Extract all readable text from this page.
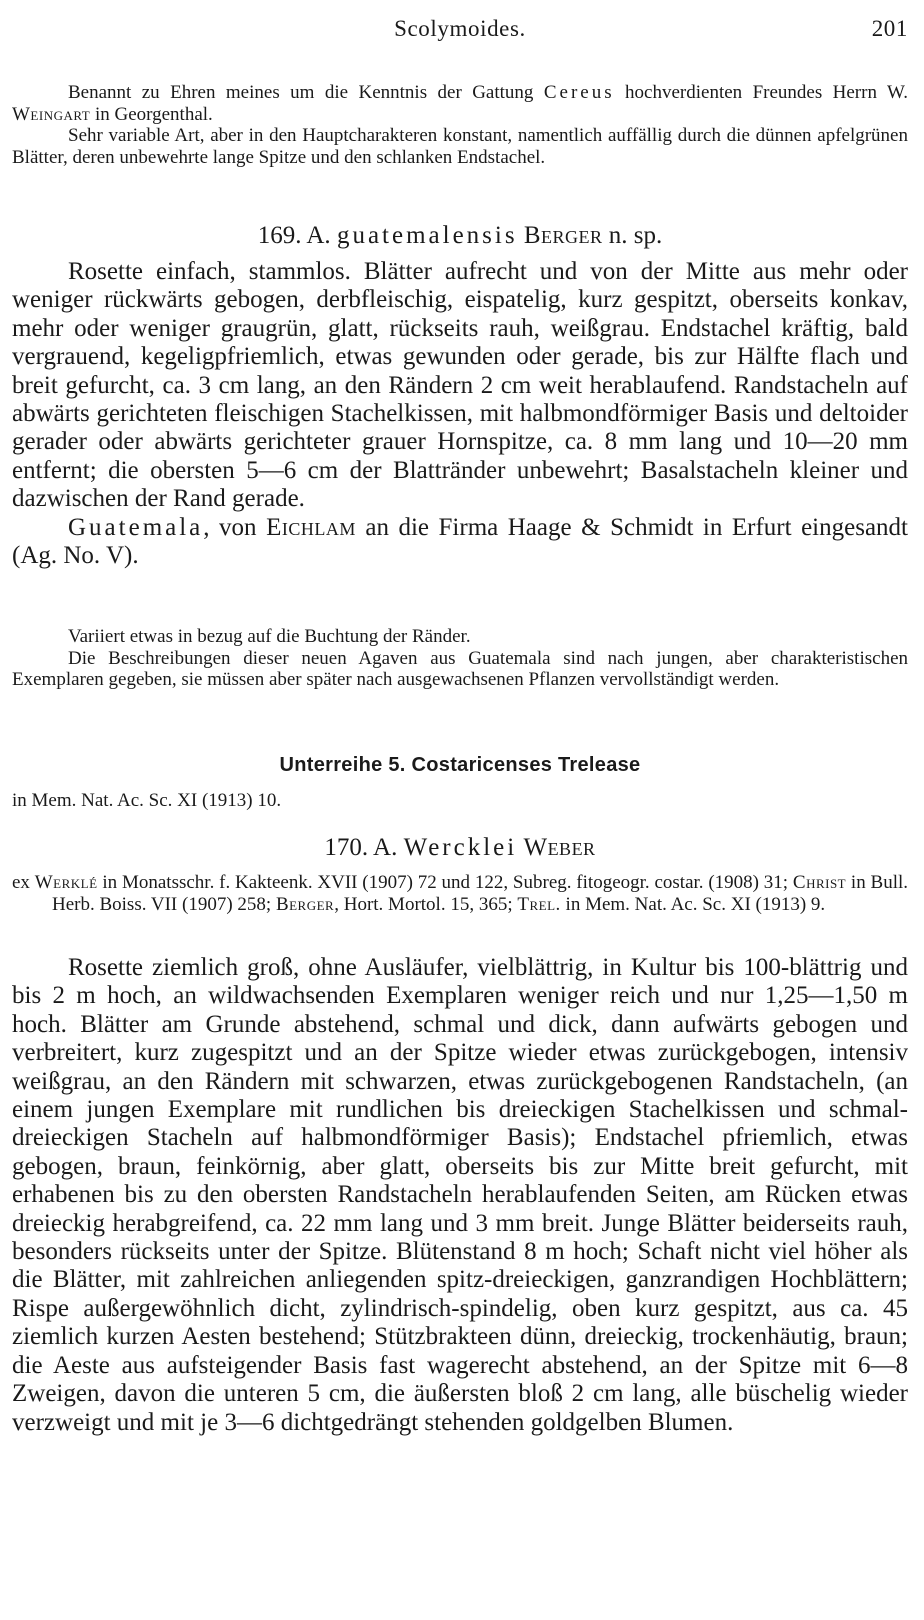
Scolymoides.	201

Benannt zu Ehren meines um die Kenntnis der Gattung Cereus hochverdienten Freundes Herrn W. Weingart in Georgenthal.

Sehr variable Art, aber in den Hauptcharakteren konstant, namentlich auffällig durch die dünnen apfelgrünen Blätter, deren unbewehrte lange Spitze und den schlanken Endstachel.

169. A. guatemalensis Berger n. sp.

Rosette einfach, stammlos. Blätter aufrecht und von der Mitte aus mehr oder weniger rückwärts gebogen, derbfleischig, eispatelig, kurz gespitzt, oberseits konkav, mehr oder weniger graugrün, glatt, rückseits rauh, weißgrau. Endstachel kräftig, bald vergrauend, kegeligpfriemlich, etwas gewunden oder gerade, bis zur Hälfte flach und breit gefurcht, ca. 3 cm lang, an den Rändern 2 cm weit herablaufend. Randstacheln auf abwärts gerichteten fleischigen Stachelkissen, mit halbmondförmiger Basis und deltoider gerader oder abwärts gerichteter grauer Hornspitze, ca. 8 mm lang und 10—20 mm entfernt; die obersten 5—6 cm der Blattränder unbewehrt; Basalstacheln kleiner und dazwischen der Rand gerade.

Guatemala, von Eichlam an die Firma Haage & Schmidt in Erfurt eingesandt (Ag. No. V).

Variiert etwas in bezug auf die Buchtung der Ränder.

Die Beschreibungen dieser neuen Agaven aus Guatemala sind nach jungen, aber charakteristischen Exemplaren gegeben, sie müssen aber später nach ausgewachsenen Pflanzen vervollständigt werden.

Unterreihe 5. Costaricenses Trelease
in Mem. Nat. Ac. Sc. XI (1913) 10.
170. A. Wercklei Weber

ex Werklé in Monatsschr. f. Kakteenk. XVII (1907) 72 und 122, Subreg. fitogeogr. costar. (1908) 31; Christ in Bull. Herb. Boiss. VII (1907) 258; Berger, Hort. Mortol. 15, 365; Trel. in Mem. Nat. Ac. Sc. XI (1913) 9.

Rosette ziemlich groß, ohne Ausläufer, vielblättrig, in Kultur bis 100-blättrig und bis 2 m hoch, an wildwachsenden Exemplaren weniger reich und nur 1,25—1,50 m hoch. Blätter am Grunde abstehend, schmal und dick, dann aufwärts gebogen und verbreitert, kurz zugespitzt und an der Spitze wieder etwas zurückgebogen, intensiv weißgrau, an den Rändern mit schwarzen, etwas zurückgebogenen Randstacheln, (an einem jungen Exemplare mit rundlichen bis dreieckigen Stachelkissen und schmal-dreieckigen Stacheln auf halbmondförmiger Basis); Endstachel pfriemlich, etwas gebogen, braun, feinkörnig, aber glatt, oberseits bis zur Mitte breit gefurcht, mit erhabenen bis zu den obersten Randstacheln herablaufenden Seiten, am Rücken etwas dreieckig herabgreifend, ca. 22 mm lang und 3 mm breit. Junge Blätter beiderseits rauh, besonders rückseits unter der Spitze. Blütenstand 8 m hoch; Schaft nicht viel höher als die Blätter, mit zahlreichen anliegenden spitz-dreieckigen, ganzrandigen Hochblättern; Rispe außergewöhnlich dicht, zylindrisch-spindelig, oben kurz gespitzt, aus ca. 45 ziemlich kurzen Aesten bestehend; Stützbrakteen dünn, dreieckig, trockenhäutig, braun; die Aeste aus aufsteigender Basis fast wagerecht abstehend, an der Spitze mit 6—8 Zweigen, davon die unteren 5 cm, die äußersten bloß 2 cm lang, alle büschelig wieder verzweigt und mit je 3—6 dichtgedrängt stehenden goldgelben Blumen.
